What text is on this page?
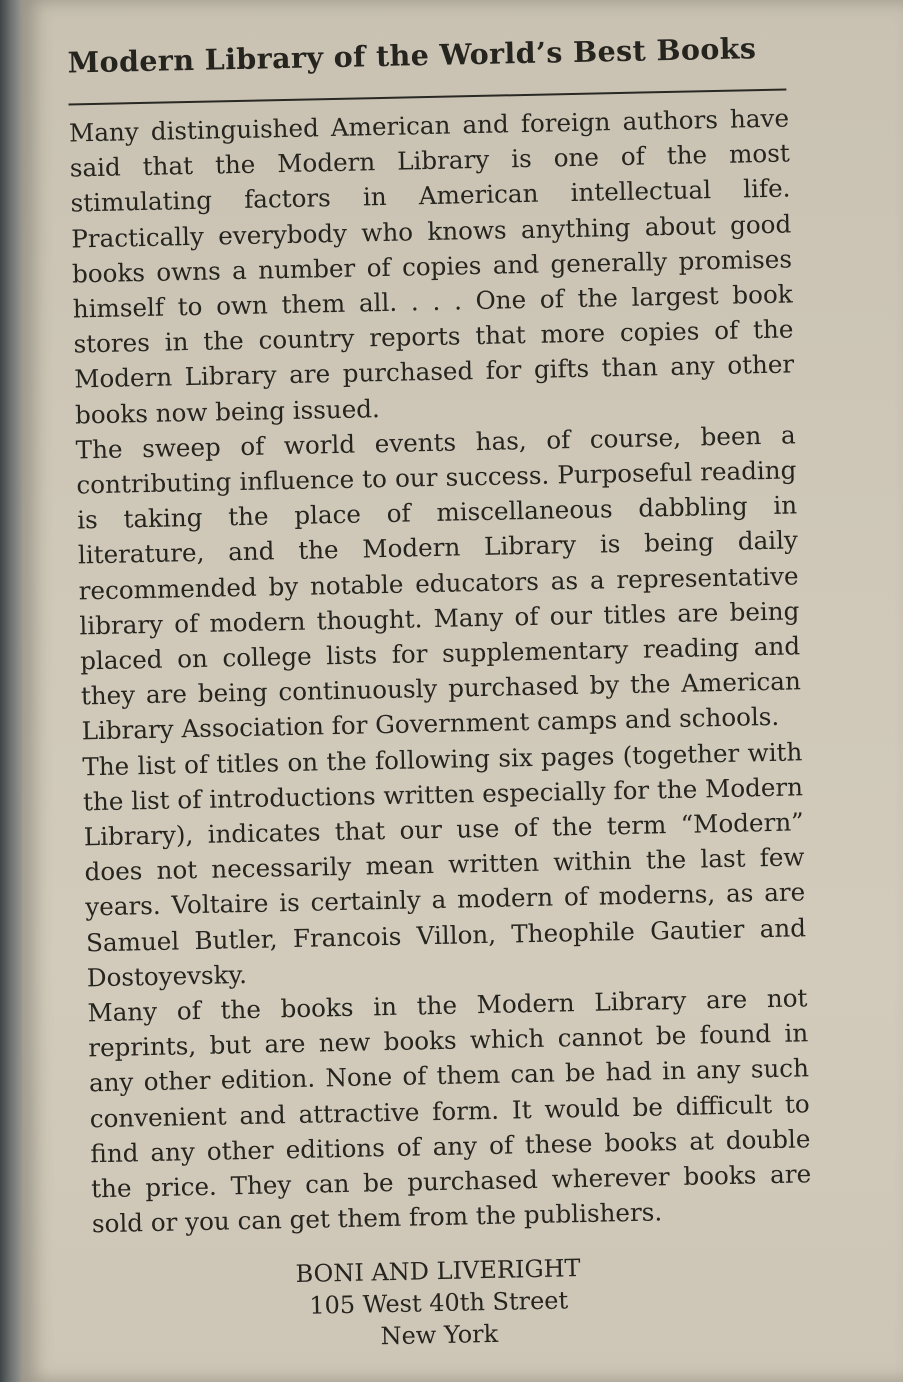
Modern Library of the World’s Best Books

Many distinguished American and foreign authors have said that the Modern Library is one of the most stimulating factors in American intellectual life. Practically everybody who knows anything about good books owns a number of copies and generally promises himself to own them all. . . . One of the largest book stores in the country reports that more copies of the Modern Library are purchased for gifts than any other books now being issued.

The sweep of world events has, of course, been a contributing influence to our success. Purposeful reading is taking the place of miscellaneous dabbling in literature, and the Modern Library is being daily recommended by notable educators as a representative library of modern thought. Many of our titles are being placed on college lists for supplementary reading and they are being continuously purchased by the American Library Association for Government camps and schools.

The list of titles on the following six pages (together with the list of introductions written especially for the Modern Library), indicates that our use of the term “Modern” does not necessarily mean written within the last few years. Voltaire is certainly a modern of moderns, as are Samuel Butler, Francois Villon, Theophile Gautier and Dostoyevsky.

Many of the books in the Modern Library are not reprints, but are new books which cannot be found in any other edition. None of them can be had in any such convenient and attractive form. It would be difficult to find any other editions of any of these books at double the price. They can be purchased wherever books are sold or you can get them from the publishers.

BONI AND LIVERIGHT
105 West 40th Street
New York
